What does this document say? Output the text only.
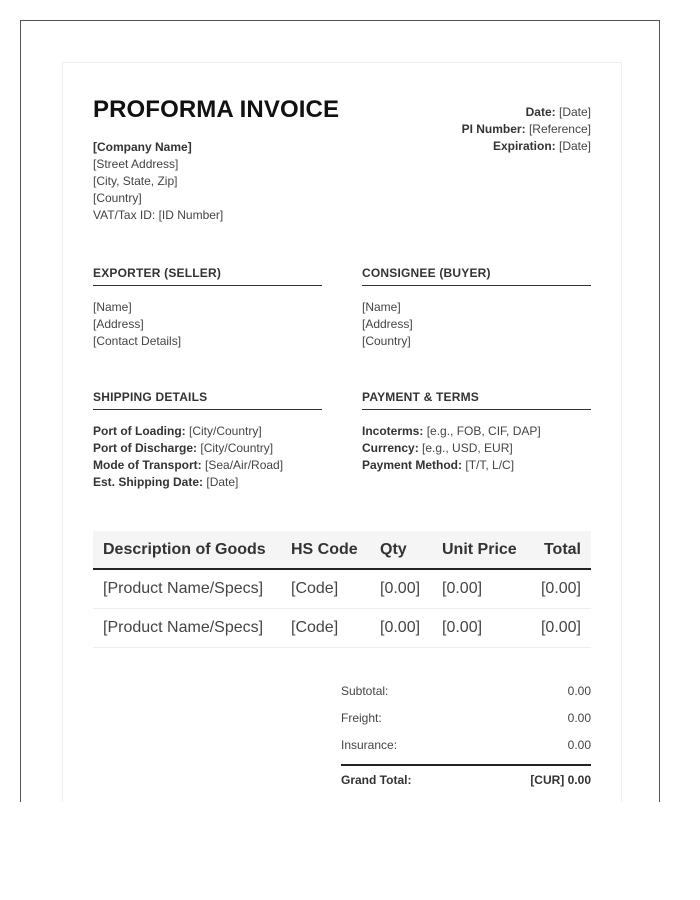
PROFORMA INVOICE
[Company Name]
[Street Address]
[City, State, Zip]
[Country]
VAT/Tax ID: [ID Number]
Date: [Date]
PI Number: [Reference]
Expiration: [Date]
EXPORTER (SELLER)
[Name]
[Address]
[Contact Details]
CONSIGNEE (BUYER)
[Name]
[Address]
[Country]
SHIPPING DETAILS
Port of Loading: [City/Country]
Port of Discharge: [City/Country]
Mode of Transport: [Sea/Air/Road]
Est. Shipping Date: [Date]
PAYMENT & TERMS
Incoterms: [e.g., FOB, CIF, DAP]
Currency: [e.g., USD, EUR]
Payment Method: [T/T, L/C]
Description of Goods	HS Code	Qty	Unit Price	Total
[Product Name/Specs]	[Code]	[0.00]	[0.00]	[0.00]
[Product Name/Specs]	[Code]	[0.00]	[0.00]	[0.00]
Subtotal:	0.00
Freight:	0.00
Insurance:	0.00
Grand Total:	[CUR] 0.00
